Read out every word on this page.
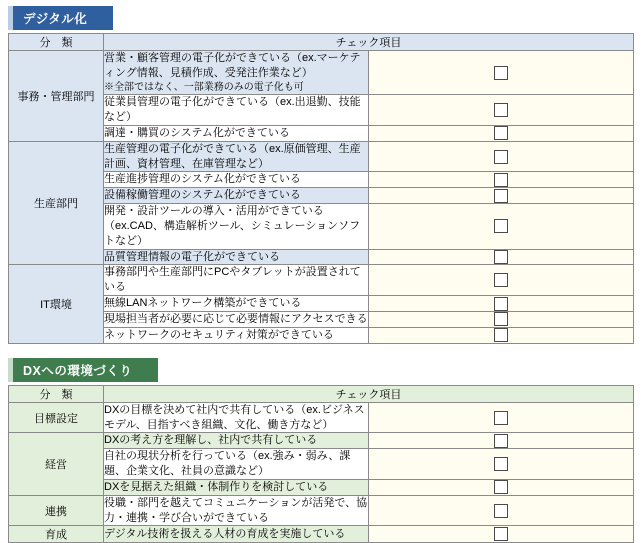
デジタル化
分　類	チェック項目	
事務・管理部門	営業・顧客管理の電子化ができている（ex.マーケティング情報、見積作成、受発注作業など）
※全部ではなく、一部業務のみの電子化も可	

	従業員管理の電子化ができている（ex.出退勤、技能など）	
	調達・購買のシステム化ができている	
生産部門	生産管理の電子化ができている（ex.原価管理、生産計画、資材管理、在庫管理など）	
	生産進捗管理のシステム化ができている	
	設備稼働管理のシステム化ができている	
	開発・設計ツールの導入・活用ができている（ex.CAD、構造解析ツール、シミュレーションソフトなど）	
	品質管理情報の電子化ができている	
IT環境	事務部門や生産部門にPCやタブレットが設置されている	
	無線LANネットワーク構築ができている	
	現場担当者が必要に応じて必要情報にアクセスできる	
	ネットワークのセキュリティ対策ができている	
DXへの環境づくり
分　類	チェック項目	
目標設定	DXの目標を決めて社内で共有している（ex.ビジネスモデル、目指すべき組織、文化、働き方など）	
経営	DXの考え方を理解し、社内で共有している	
	自社の現状分析を行っている（ex.強み・弱み、課題、企業文化、社員の意識など）	
	DXを見据えた組織・体制作りを検討している	
連携	役職・部門を越えてコミュニケーションが活発で、協力・連携・学び合いができている	
育成	デジタル技術を扱える人材の育成を実施している	
